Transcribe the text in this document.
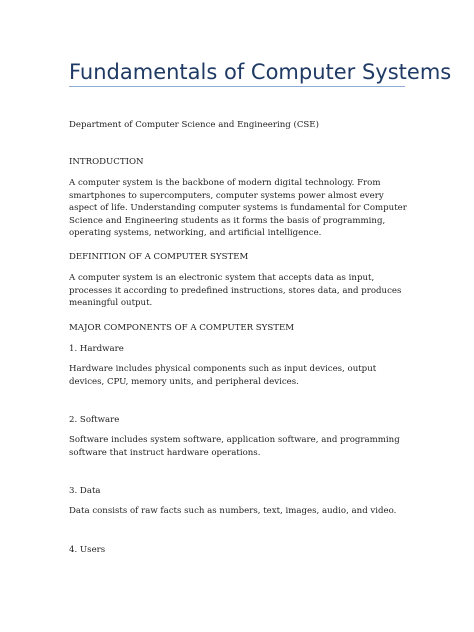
Fundamentals of Computer Systems

Department of Computer Science and Engineering (CSE)

INTRODUCTION

A computer system is the backbone of modern digital technology. From smartphones to supercomputers, computer systems power almost every aspect of life. Understanding computer systems is fundamental for Computer Science and Engineering students as it forms the basis of programming, operating systems, networking, and artificial intelligence.

DEFINITION OF A COMPUTER SYSTEM

A computer system is an electronic system that accepts data as input, processes it according to predefined instructions, stores data, and produces meaningful output.

MAJOR COMPONENTS OF A COMPUTER SYSTEM

1. Hardware

Hardware includes physical components such as input devices, output devices, CPU, memory units, and peripheral devices.

2. Software

Software includes system software, application software, and programming software that instruct hardware operations.

3. Data

Data consists of raw facts such as numbers, text, images, audio, and video.

4. Users
